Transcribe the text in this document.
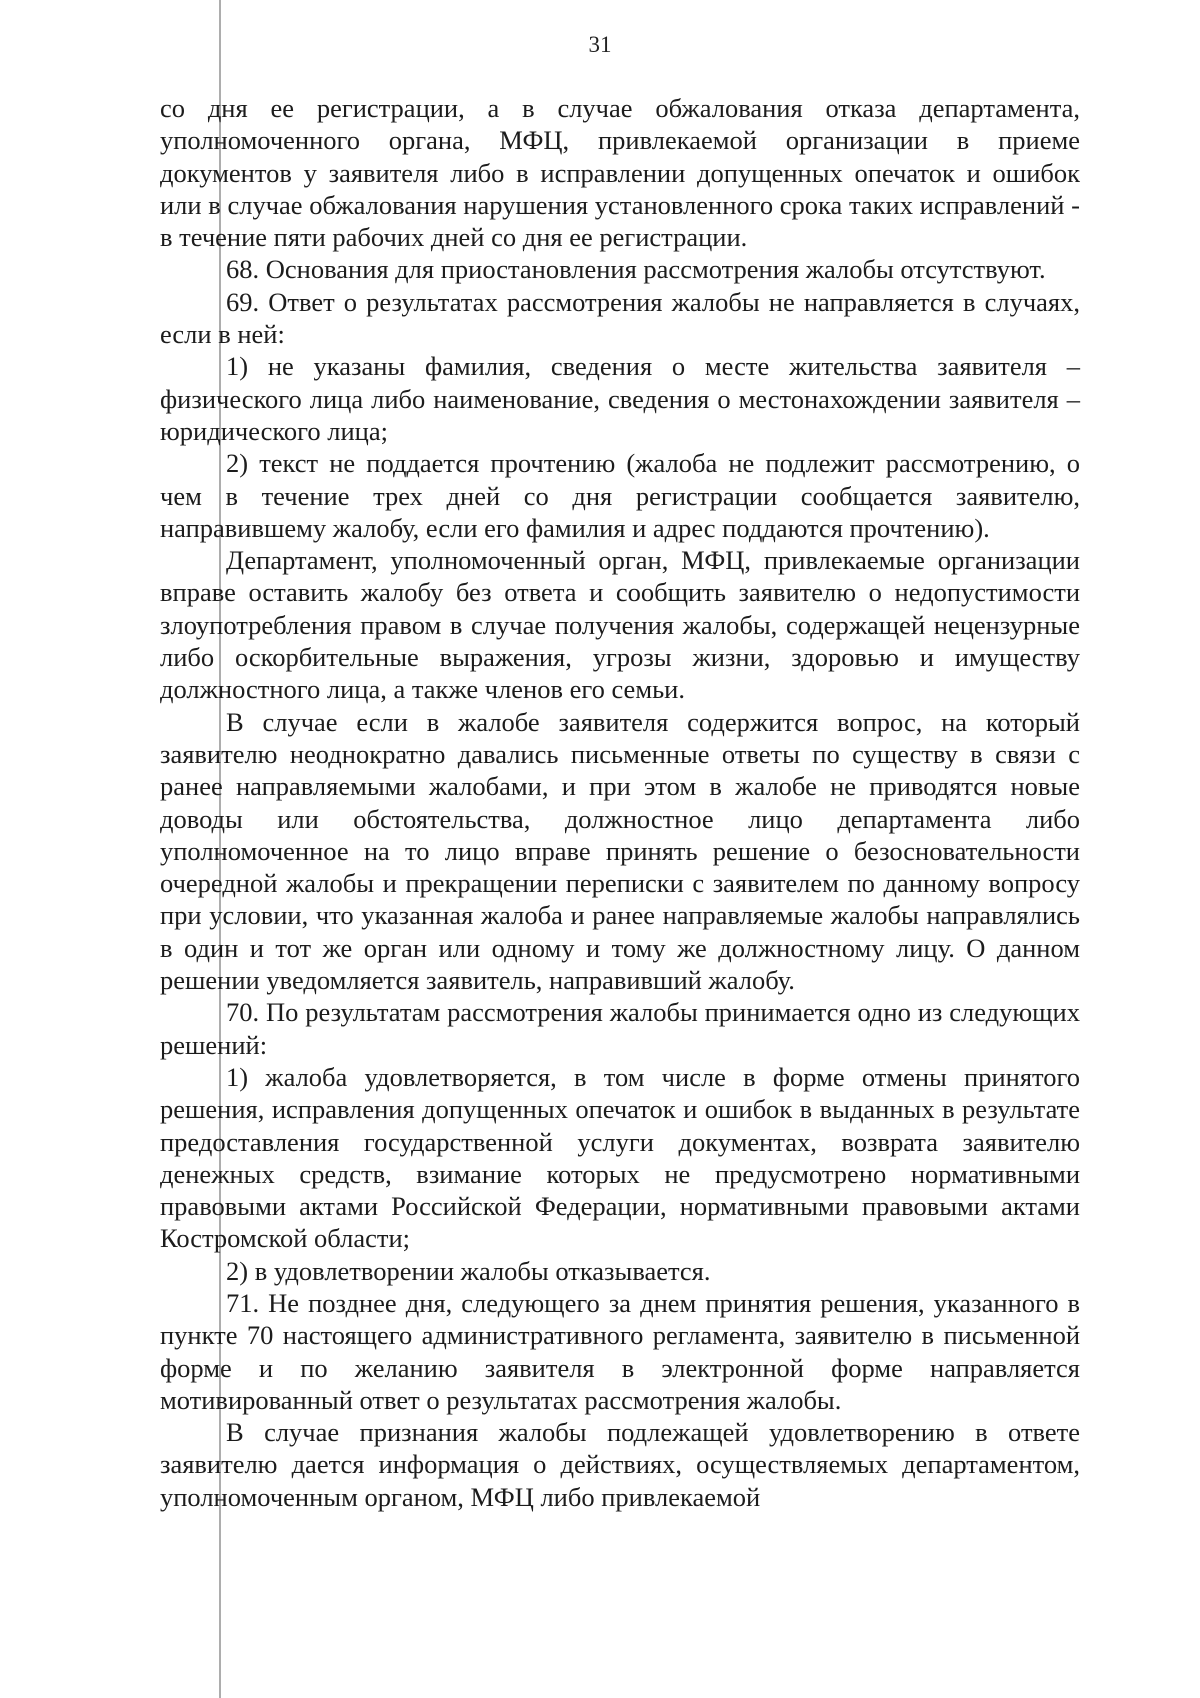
31

со дня ее регистрации, а в случае обжалования отказа департамента, уполномоченного органа, МФЦ, привлекаемой организации в приеме документов у заявителя либо в исправлении допущенных опечаток и ошибок или в случае обжалования нарушения установленного срока таких исправлений - в течение пяти рабочих дней со дня ее регистрации.

68. Основания для приостановления рассмотрения жалобы отсутствуют.

69. Ответ о результатах рассмотрения жалобы не направляется в случаях, если в ней:

1) не указаны фамилия, сведения о месте жительства заявителя – физического лица либо наименование, сведения о местонахождении заявителя – юридического лица;

2) текст не поддается прочтению (жалоба не подлежит рассмотрению, о чем в течение трех дней со дня регистрации сообщается заявителю, направившему жалобу, если его фамилия и адрес поддаются прочтению).

Департамент, уполномоченный орган, МФЦ, привлекаемые организации вправе оставить жалобу без ответа и сообщить заявителю о недопустимости злоупотребления правом в случае получения жалобы, содержащей нецензурные либо оскорбительные выражения, угрозы жизни, здоровью и имуществу должностного лица, а также членов его семьи.

В случае если в жалобе заявителя содержится вопрос, на который заявителю неоднократно давались письменные ответы по существу в связи с ранее направляемыми жалобами, и при этом в жалобе не приводятся новые доводы или обстоятельства, должностное лицо департамента либо уполномоченное на то лицо вправе принять решение о безосновательности очередной жалобы и прекращении переписки с заявителем по данному вопросу при условии, что указанная жалоба и ранее направляемые жалобы направлялись в один и тот же орган или одному и тому же должностному лицу. О данном решении уведомляется заявитель, направивший жалобу.

70. По результатам рассмотрения жалобы принимается одно из следующих решений:

1) жалоба удовлетворяется, в том числе в форме отмены принятого решения, исправления допущенных опечаток и ошибок в выданных в результате предоставления государственной услуги документах, возврата заявителю денежных средств, взимание которых не предусмотрено нормативными правовыми актами Российской Федерации, нормативными правовыми актами Костромской области;

2) в удовлетворении жалобы отказывается.

71. Не позднее дня, следующего за днем принятия решения, указанного в пункте 70 настоящего административного регламента, заявителю в письменной форме и по желанию заявителя в электронной форме направляется мотивированный ответ о результатах рассмотрения жалобы.

В случае признания жалобы подлежащей удовлетворению в ответе заявителю дается информация о действиях, осуществляемых департаментом, уполномоченным органом, МФЦ либо привлекаемой
